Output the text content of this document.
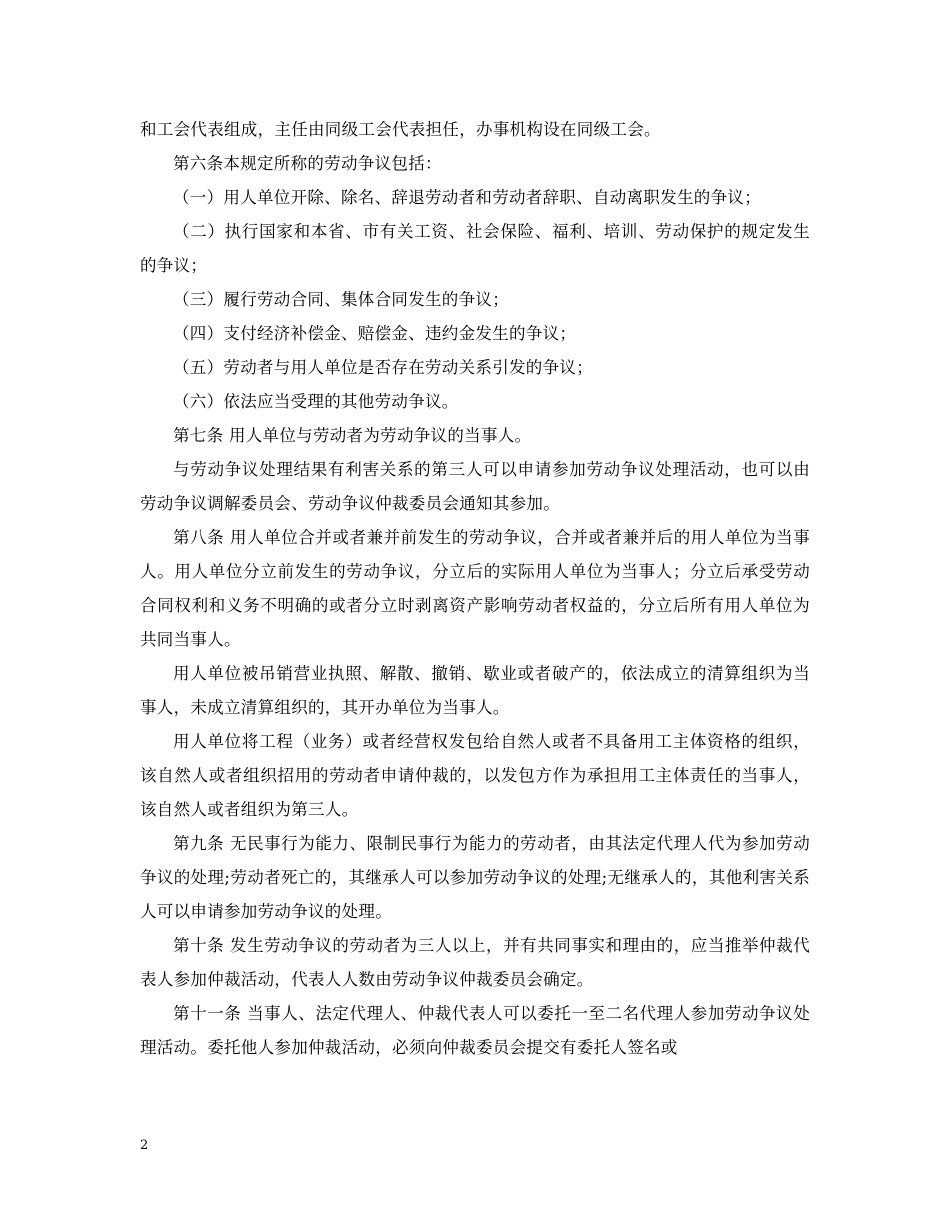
和工会代表组成，主任由同级工会代表担任，办事机构设在同级工会。

第六条本规定所称的劳动争议包括：

（一）用人单位开除、除名、辞退劳动者和劳动者辞职、自动离职发生的争议；

（二）执行国家和本省、市有关工资、社会保险、福利、培训、劳动保护的规定发生的争议；

（三）履行劳动合同、集体合同发生的争议；

（四）支付经济补偿金、赔偿金、违约金发生的争议；

（五）劳动者与用人单位是否存在劳动关系引发的争议；

（六）依法应当受理的其他劳动争议。

第七条 用人单位与劳动者为劳动争议的当事人。

与劳动争议处理结果有利害关系的第三人可以申请参加劳动争议处理活动，也可以由劳动争议调解委员会、劳动争议仲裁委员会通知其参加。

第八条 用人单位合并或者兼并前发生的劳动争议，合并或者兼并后的用人单位为当事人。用人单位分立前发生的劳动争议，分立后的实际用人单位为当事人；分立后承受劳动合同权利和义务不明确的或者分立时剥离资产影响劳动者权益的，分立后所有用人单位为共同当事人。

用人单位被吊销营业执照、解散、撤销、歇业或者破产的，依法成立的清算组织为当事人，未成立清算组织的，其开办单位为当事人。

用人单位将工程（业务）或者经营权发包给自然人或者不具备用工主体资格的组织，该自然人或者组织招用的劳动者申请仲裁的，以发包方作为承担用工主体责任的当事人，该自然人或者组织为第三人。

第九条 无民事行为能力、限制民事行为能力的劳动者，由其法定代理人代为参加劳动争议的处理;劳动者死亡的，其继承人可以参加劳动争议的处理;无继承人的，其他利害关系人可以申请参加劳动争议的处理。

第十条 发生劳动争议的劳动者为三人以上，并有共同事实和理由的，应当推举仲裁代表人参加仲裁活动，代表人人数由劳动争议仲裁委员会确定。

第十一条 当事人、法定代理人、仲裁代表人可以委托一至二名代理人参加劳动争议处理活动。委托他人参加仲裁活动，必须向仲裁委员会提交有委托人签名或

2
